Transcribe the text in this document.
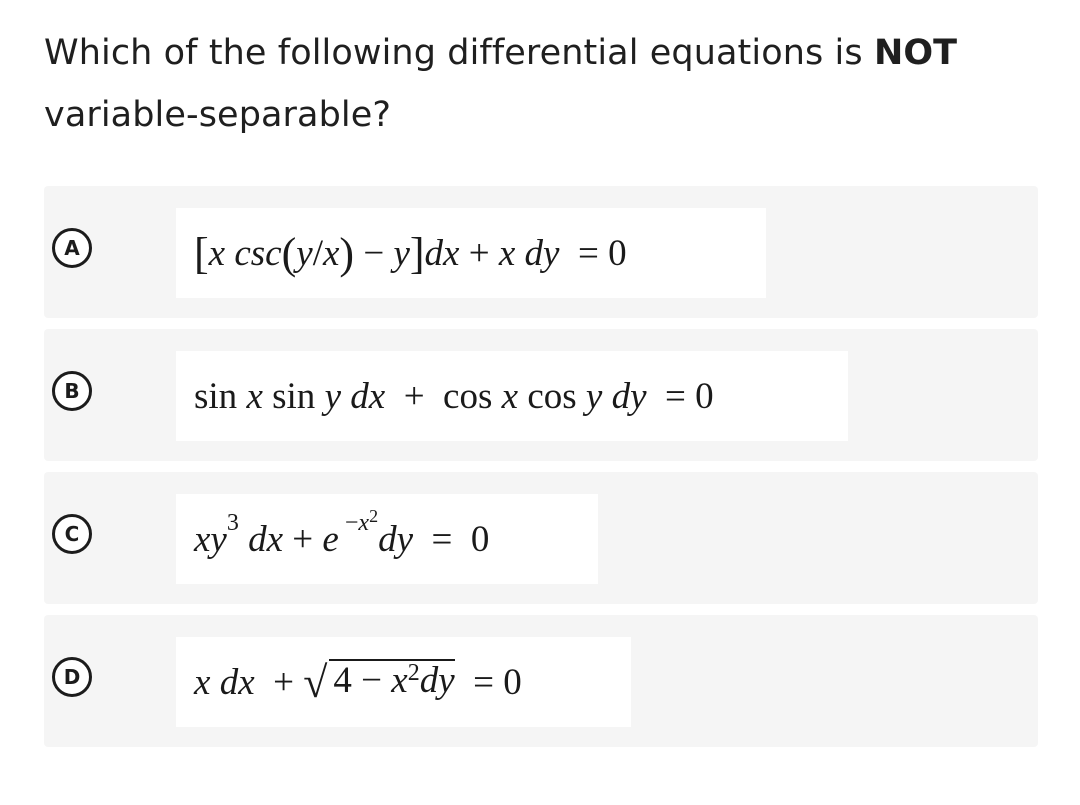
Which of the following differential equations is NOT
variable-separable?
A	[ x
csc ( y / x ) − y ] dx + x
dy = 0
B	sin x sin y
dx +  cos x cos y
dy = 0
C	xy 3
dx + $e -x^2$
dy =  0
D	x
dx + √ $4 - x^2dy = 0$
